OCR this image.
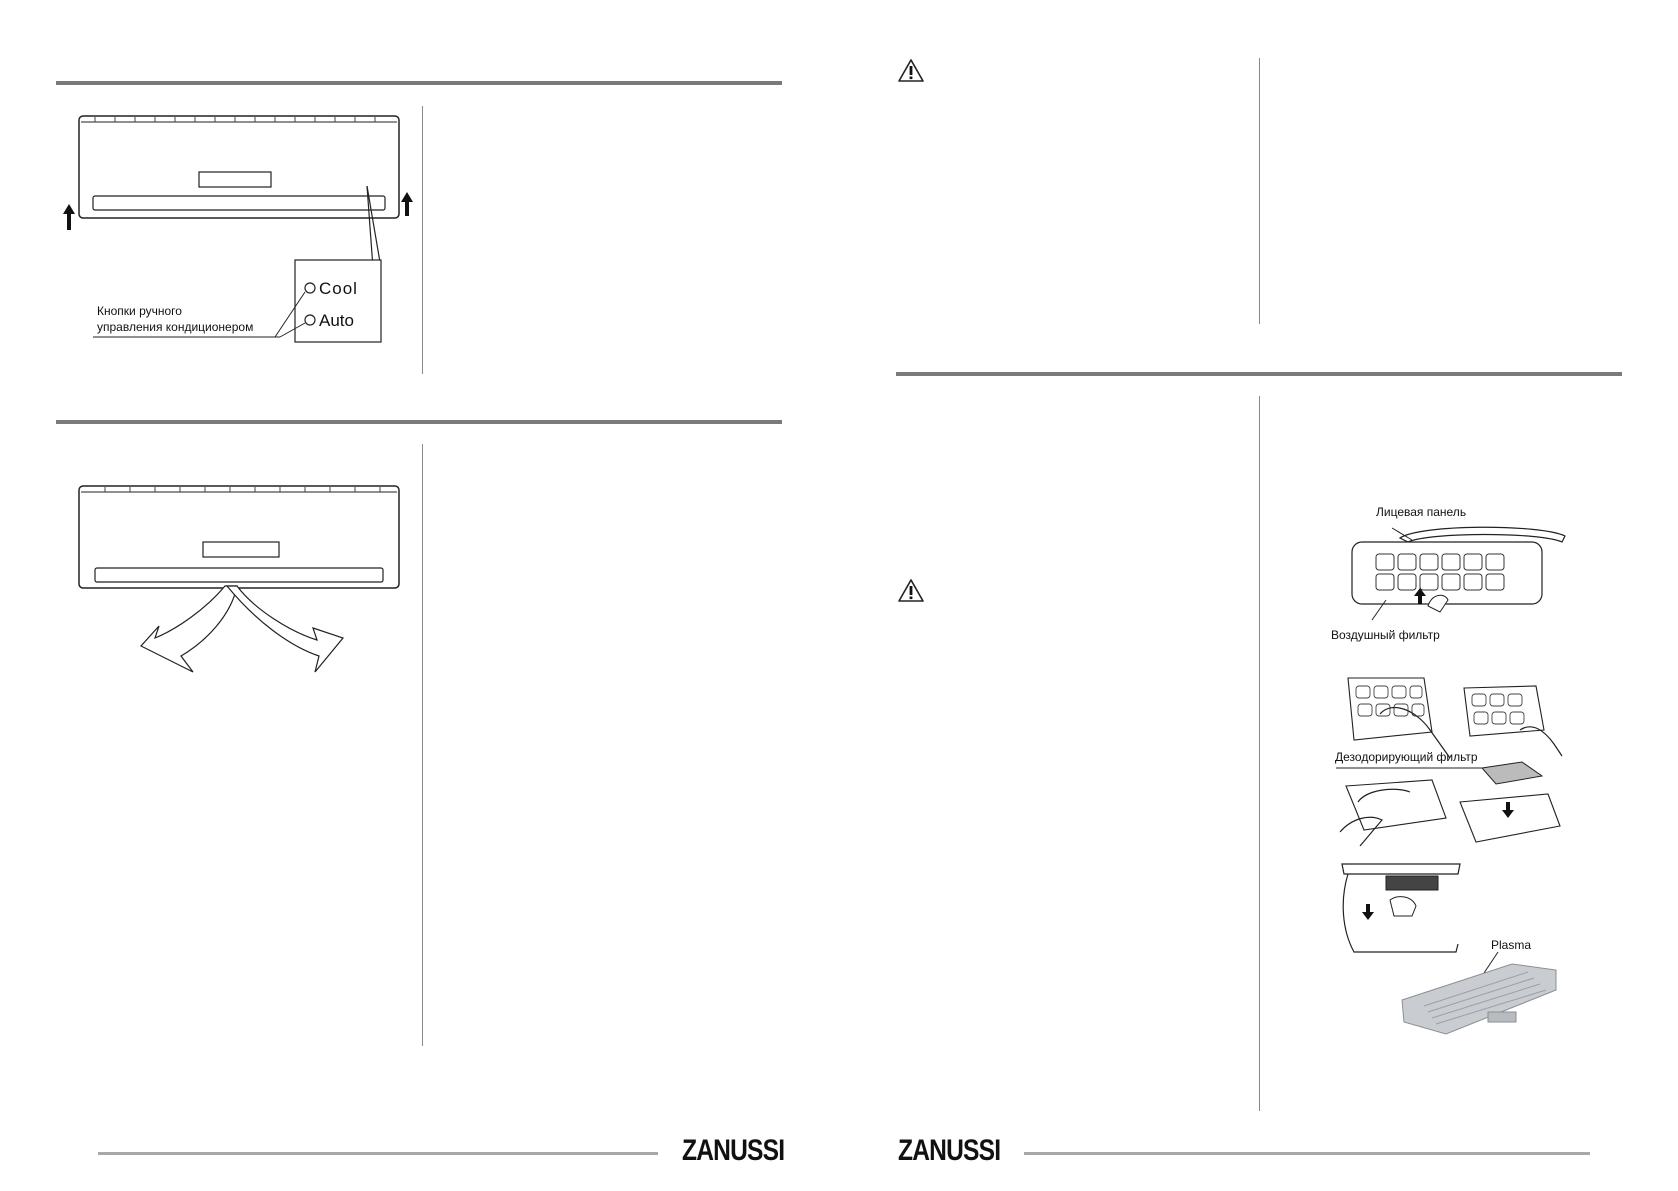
Cool
Auto
Кнопки ручного
управления кондиционером
ZANUSSI
Лицевая панель
Воздушный фильтр
Дезодорирующий фильтр
Plasma
ZANUSSI
